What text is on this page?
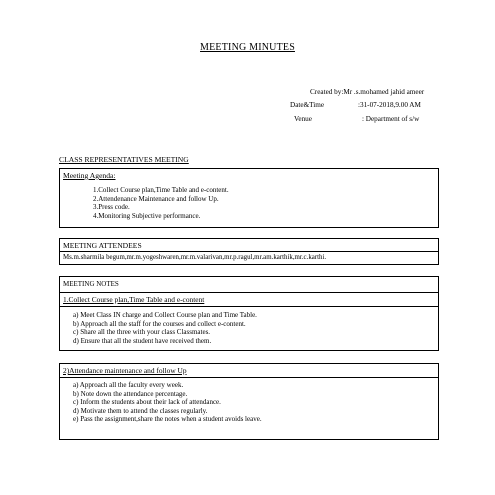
MEETING MINUTES
Created by:Mr .s.mohamed jahid ameer
Date&Time	:31-07-2018,9.00 AM
Venue	: Department of s/w
CLASS REPRESENTATIVES MEETING
Meeting Agenda:
1.Collect Course plan,Time Table and e-content.
2.Attendenance Maintenance and follow Up.
3.Press code.
4.Monitoring Subjective performance.
MEETING ATTENDEES
Ms.m.sharmila begum,mr.m.yogeshwaren,mr.m.valarivan,mr.p.ragul,mr.am.karthik,mr.c.karthi.
MEETING NOTES
1.Collect Course plan,Time Table and e-content
a) Meet Class IN charge and Collect Course plan and Time Table.
b) Approach all the staff for the courses and collect e-content.
c) Share all the three with your class Classmates.
d) Ensure that all the student have received them.
2)Attendance maintenance and follow Up
a) Approach all the faculty every week.
b) Note down the attendance percentage.
c) Inform the students about their lack of attendance.
d) Motivate them to attend the classes regularly.
e) Pass the assignment,share the notes when a student avoids leave.
